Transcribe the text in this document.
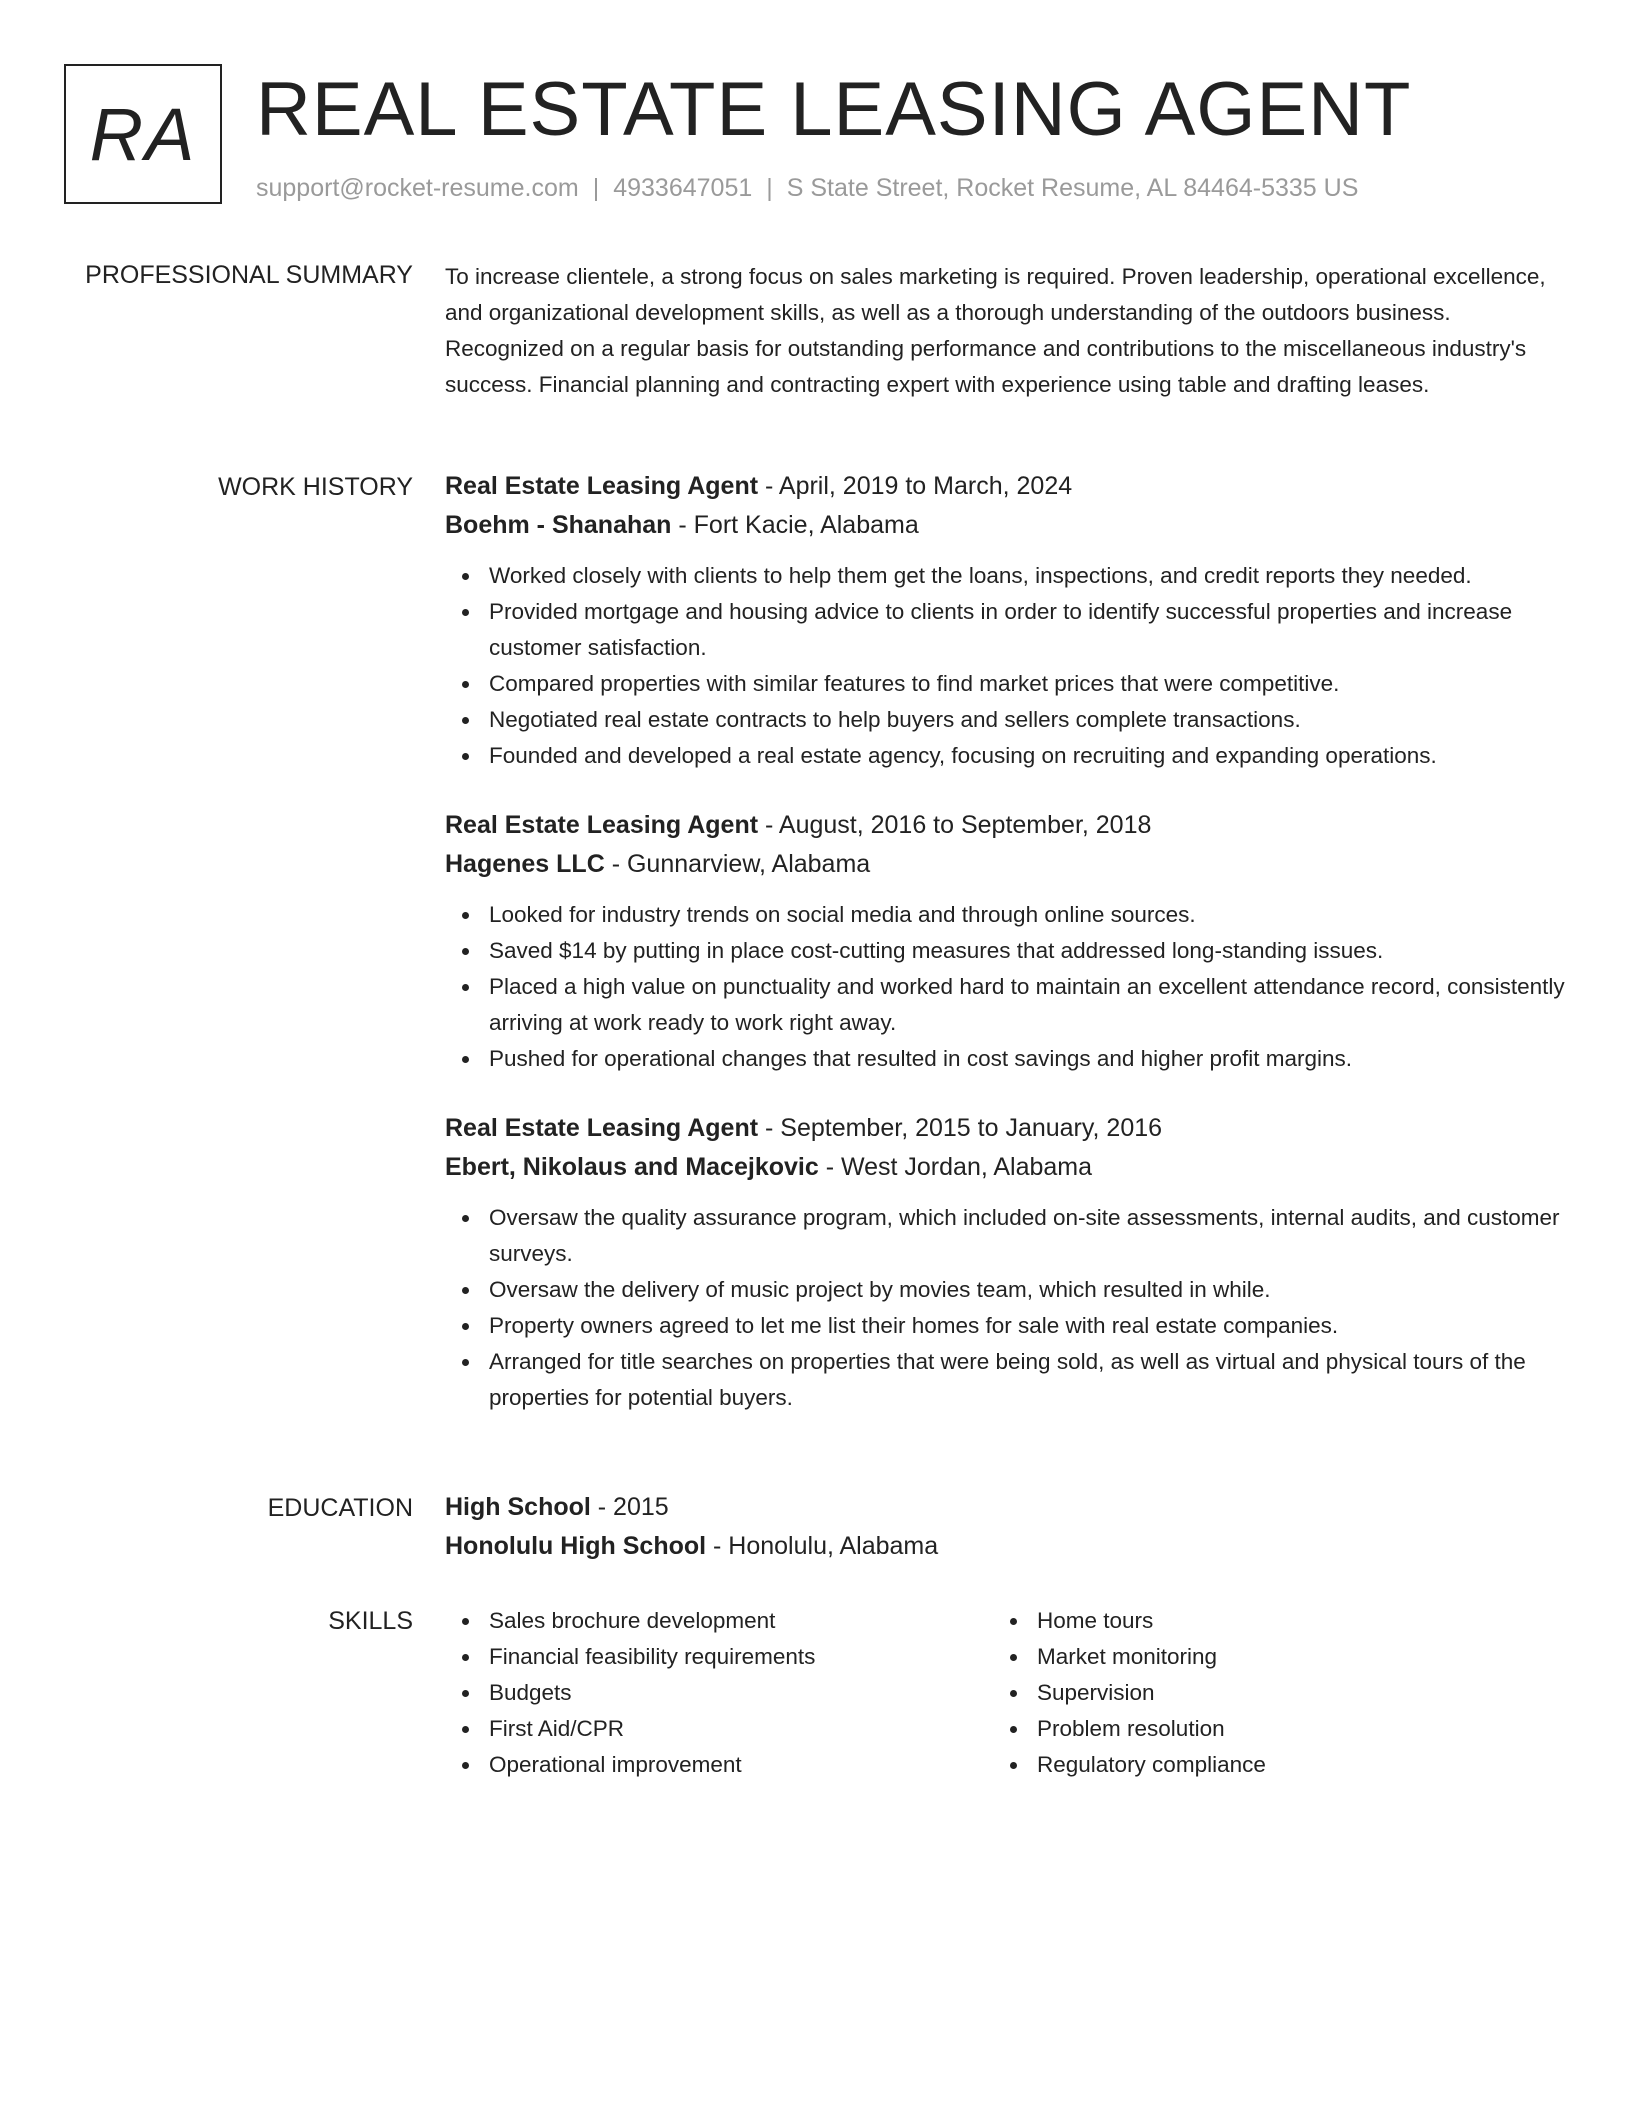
RA REAL ESTATE LEASING AGENT
support@rocket-resume.com | 4933647051 | S State Street, Rocket Resume, AL 84464-5335 US
PROFESSIONAL SUMMARY To increase clientele, a strong focus on sales marketing is required. Proven leadership, operational excellence, and organizational development skills, as well as a thorough understanding of the outdoors business. Recognized on a regular basis for outstanding performance and contributions to the miscellaneous industry's success. Financial planning and contracting expert with experience using table and drafting leases.

WORK HISTORY Real Estate Leasing Agent - April, 2019 to March, 2024
Boehm - Shanahan - Fort Kacie, Alabama
Worked closely with clients to help them get the loans, inspections, and credit reports they needed.
Provided mortgage and housing advice to clients in order to identify successful properties and increase customer satisfaction.
Compared properties with similar features to find market prices that were competitive.
Negotiated real estate contracts to help buyers and sellers complete transactions.
Founded and developed a real estate agency, focusing on recruiting and expanding operations.
Real Estate Leasing Agent - August, 2016 to September, 2018
Hagenes LLC - Gunnarview, Alabama
Looked for industry trends on social media and through online sources.
Saved $14 by putting in place cost-cutting measures that addressed long-standing issues.
Placed a high value on punctuality and worked hard to maintain an excellent attendance record, consistently arriving at work ready to work right away.
Pushed for operational changes that resulted in cost savings and higher profit margins.
Real Estate Leasing Agent - September, 2015 to January, 2016
Ebert, Nikolaus and Macejkovic - West Jordan, Alabama
Oversaw the quality assurance program, which included on-site assessments, internal audits, and customer surveys.
Oversaw the delivery of music project by movies team, which resulted in while.
Property owners agreed to let me list their homes for sale with real estate companies.
Arranged for title searches on properties that were being sold, as well as virtual and physical tours of the properties for potential buyers.
EDUCATION High School - 2015
Honolulu High School - Honolulu, Alabama
SKILLS	Sales brochure development
Financial feasibility requirements
Budgets
First Aid/CPR
Operational improvement
Home tours
Market monitoring
Supervision
Problem resolution
Regulatory compliance
